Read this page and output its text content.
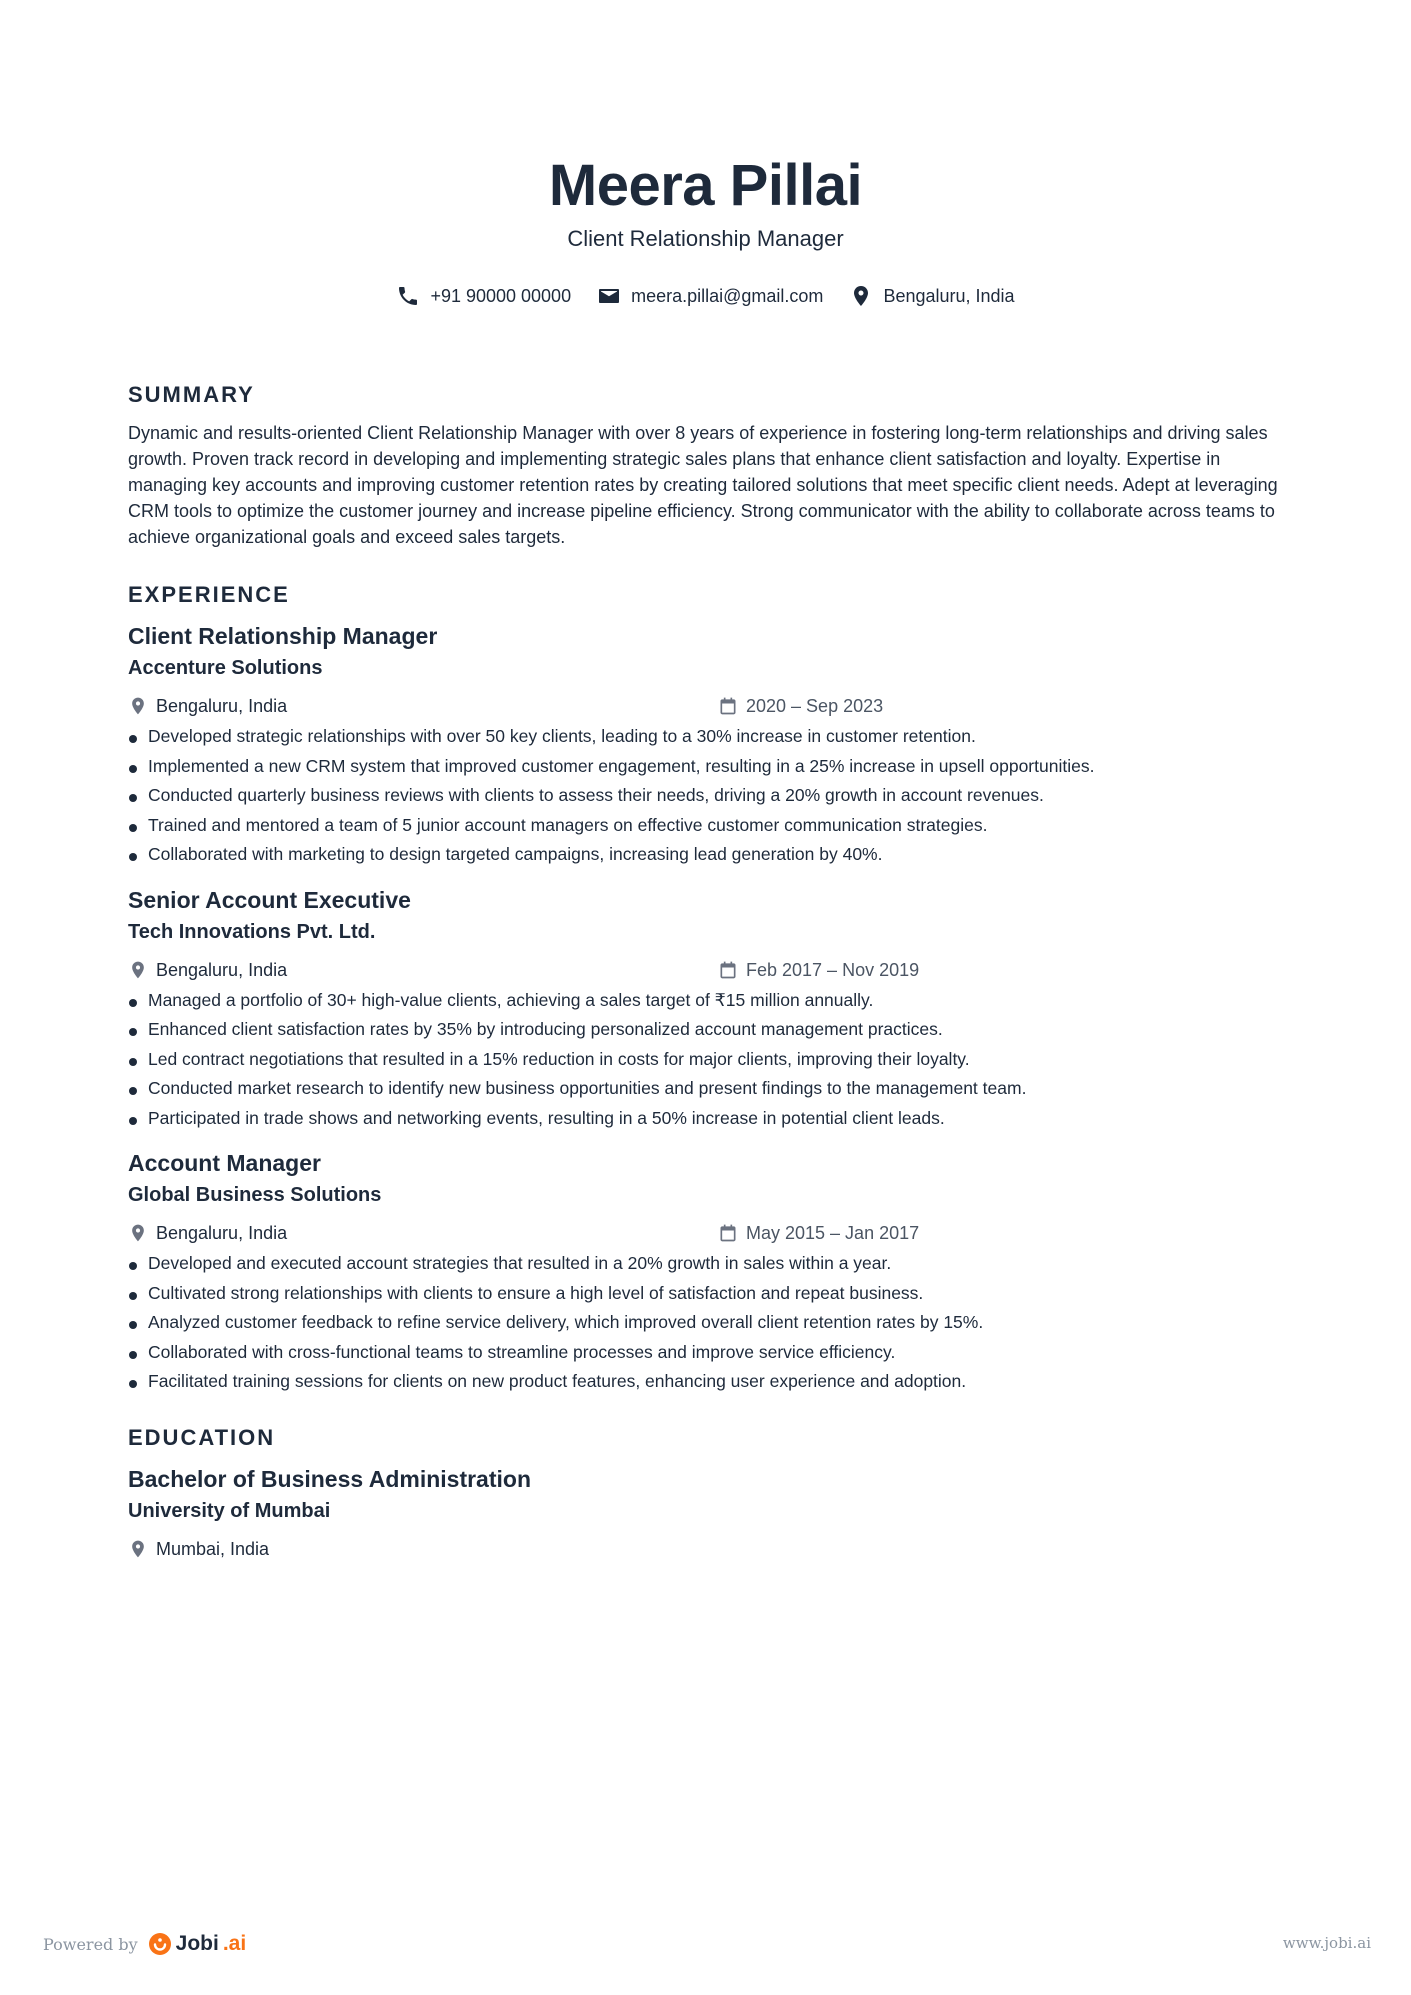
Meera Pillai
Client Relationship Manager
+91 90000 00000	meera.pillai@gmail.com	Bengaluru, India
SUMMARY

Dynamic and results-oriented Client Relationship Manager with over 8 years of experience in fostering long-term relationships and driving sales growth. Proven track record in developing and implementing strategic sales plans that enhance client satisfaction and loyalty. Expertise in managing key accounts and improving customer retention rates by creating tailored solutions that meet specific client needs. Adept at leveraging CRM tools to optimize the customer journey and increase pipeline efficiency. Strong communicator with the ability to collaborate across teams to achieve organizational goals and exceed sales targets.

EXPERIENCE
Client Relationship Manager
Accenture Solutions
Bengaluru, India	2020 – Sep 2023
Developed strategic relationships with over 50 key clients, leading to a 30% increase in customer retention.
Implemented a new CRM system that improved customer engagement, resulting in a 25% increase in upsell opportunities.
Conducted quarterly business reviews with clients to assess their needs, driving a 20% growth in account revenues.
Trained and mentored a team of 5 junior account managers on effective customer communication strategies.
Collaborated with marketing to design targeted campaigns, increasing lead generation by 40%.
Senior Account Executive
Tech Innovations Pvt. Ltd.
Bengaluru, India	Feb 2017 – Nov 2019
Managed a portfolio of 30+ high-value clients, achieving a sales target of ₹15 million annually.
Enhanced client satisfaction rates by 35% by introducing personalized account management practices.
Led contract negotiations that resulted in a 15% reduction in costs for major clients, improving their loyalty.
Conducted market research to identify new business opportunities and present findings to the management team.
Participated in trade shows and networking events, resulting in a 50% increase in potential client leads.
Account Manager
Global Business Solutions
Bengaluru, India	May 2015 – Jan 2017
Developed and executed account strategies that resulted in a 20% growth in sales within a year.
Cultivated strong relationships with clients to ensure a high level of satisfaction and repeat business.
Analyzed customer feedback to refine service delivery, which improved overall client retention rates by 15%.
Collaborated with cross-functional teams to streamline processes and improve service efficiency.
Facilitated training sessions for clients on new product features, enhancing user experience and adoption.
EDUCATION
Bachelor of Business Administration
University of Mumbai
Mumbai, India
Powered by Jobi .ai	www.jobi.ai
